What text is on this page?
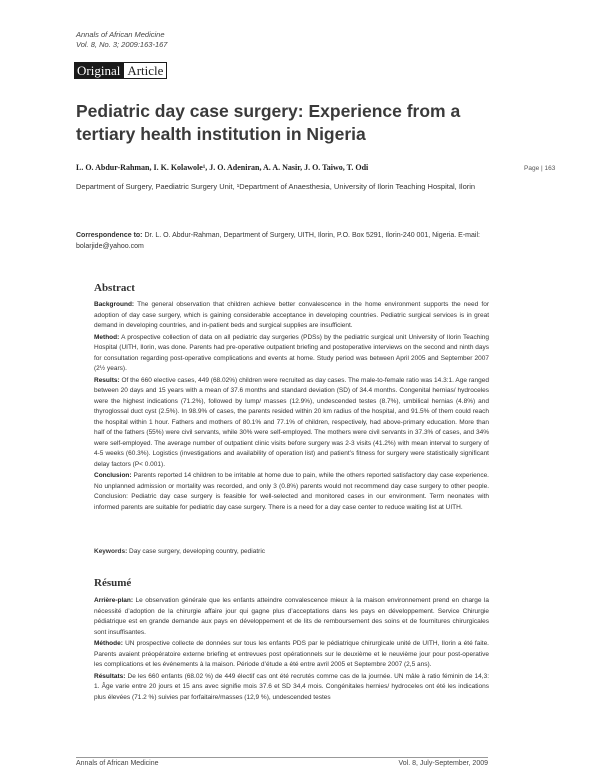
Annals of African Medicine
Vol. 8, No. 3; 2009:163-167
Original Article
Pediatric day case surgery: Experience from a tertiary health institution in Nigeria
L. O. Abdur-Rahman, I. K. Kolawole¹, J. O. Adeniran, A. A. Nasir, J. O. Taiwo, T. Odi
Department of Surgery, Paediatric Surgery Unit, ¹Department of Anaesthesia, University of Ilorin Teaching Hospital, Ilorin
Page | 163
Correspondence to: Dr. L. O. Abdur-Rahman, Department of Surgery, UITH, Ilorin, P.O. Box 5291, Ilorin-240 001, Nigeria. E-mail: bolarjide@yahoo.com
Abstract

Background: The general observation that children achieve better convalescence in the home environment supports the need for adoption of day case surgery, which is gaining considerable acceptance in developing countries. Pediatric surgical services is in great demand in developing countries, and in-patient beds and surgical supplies are insufficient.

Method: A prospective collection of data on all pediatric day surgeries (PDSs) by the pediatric surgical unit University of Ilorin Teaching Hospital (UITH, Ilorin, was done. Parents had pre-operative outpatient briefing and postoperative interviews on the second and ninth days for consultation regarding post-operative complications and events at home. Study period was between April 2005 and September 2007 (2½ years).

Results: Of the 660 elective cases, 449 (68.02%) children were recruited as day cases. The male-to-female ratio was 14.3:1. Age ranged between 20 days and 15 years with a mean of 37.6 months and standard deviation (SD) of 34.4 months. Congenital hernias/ hydroceles were the highest indications (71.2%), followed by lump/ masses (12.9%), undescended testes (8.7%), umbilical hernias (4.8%) and thyroglossal duct cyst (2.5%). In 98.9% of cases, the parents resided within 20 km radius of the hospital, and 91.5% of them could reach the hospital within 1 hour. Fathers and mothers of 80.1% and 77.1% of children, respectively, had above-primary education. More than half of the fathers (55%) were civil servants, while 30% were self-employed. The mothers were civil servants in 37.3% of cases, and 34% were self-employed. The average number of outpatient clinic visits before surgery was 2-3 visits (41.2%) with mean interval to surgery of 4-5 weeks (60.3%). Logistics (investigations and availability of operation list) and patient’s fitness for surgery were statistically significant delay factors (P< 0.001).

Conclusion: Parents reported 14 children to be irritable at home due to pain, while the others reported satisfactory day case experience. No unplanned admission or mortality was recorded, and only 3 (0.8%) parents would not recommend day case surgery to other people. Conclusion: Pediatric day case surgery is feasible for well-selected and monitored cases in our environment. Term neonates with informed parents are suitable for pediatric day case surgery. There is a need for a day case center to reduce waiting list at UITH.

Keywords: Day case surgery, developing country, pediatric
Résumé

Arrière-plan: Le observation générale que les enfants atteindre convalescence mieux à la maison environnement prend en charge la nécessité d’adoption de la chirurgie affaire jour qui gagne plus d’acceptations dans les pays en développement. Service Chirurgie pédiatrique est en grande demande aux pays en développement et de lits de remboursement des soins et de fournitures chirurgicales sont insuffisantes.

Méthode: UN prospective collecte de données sur tous les enfants PDS par le pédiatrique chirurgicale unité de UITH, Ilorin a été faite. Parents avaient préopératoire externe briefing et entrevues post opérationnels sur le deuxième et le neuvième jour pour post-operative les complications et les événements à la maison. Période d’étude a été entre avril 2005 et Septembre 2007 (2,5 ans).

Résultats: De les 660 enfants (68.02 %) de 449 électif cas ont été recrutés comme cas de la journée. UN mâle à ratio féminin de 14,3: 1. Âge varie entre 20 jours et 15 ans avec signifie mois 37.6 et SD 34,4 mois. Congénitales hernies/ hydroceles ont été les indications plus élevées (71.2 %) suivies par forfaitaire/masses (12,9 %), undescended testes

Annals of African Medicine	Vol. 8, July-September, 2009
